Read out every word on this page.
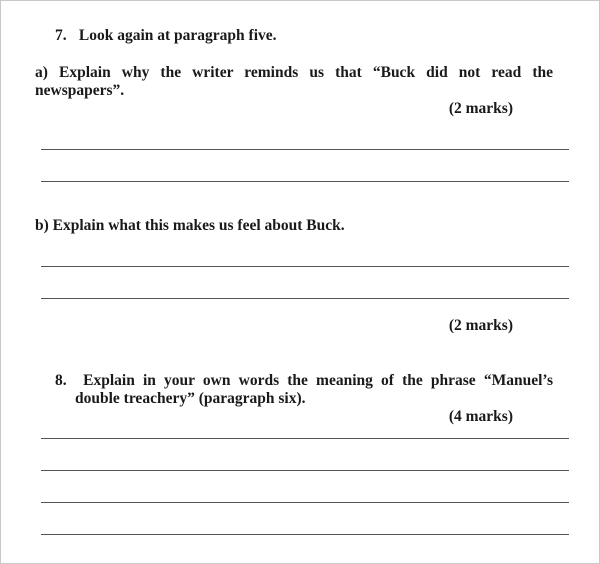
7. Look again at paragraph five.
a) Explain why the writer reminds us that “Buck did not read the
newspapers”.
(2 marks)
b) Explain what this makes us feel about Buck.
(2 marks)
8. Explain in your own words the meaning of the phrase “Manuel’s
double treachery” (paragraph six).
(4 marks)
